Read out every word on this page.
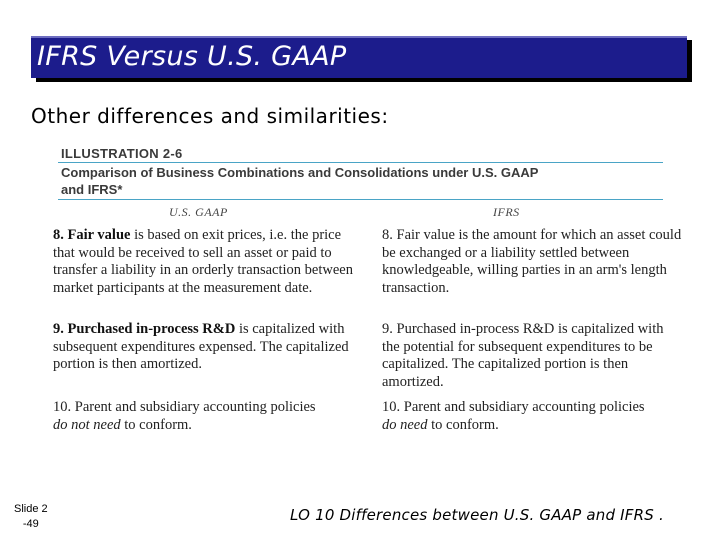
IFRS Versus U.S. GAAP
Other differences and similarities:
ILLUSTRATION 2-6
Comparison of Business Combinations and Consolidations under U.S. GAAP
and IFRS*
U.S. GAAP	IFRS
8. Fair value is based on exit prices, i.e. the price that would be received to sell an asset or paid to transfer a liability in an orderly transaction between market participants at the measurement date.
8. Fair value is the amount for which an asset could be exchanged or a liability settled between knowledgeable, willing parties in an arm's length transaction.
9. Purchased in-process R&D is capitalized with subsequent expenditures expensed. The capitalized portion is then amortized.
9. Purchased in-process R&D is capitalized with the potential for subsequent expenditures to be capitalized. The capitalized portion is then amortized.
10. Parent and subsidiary accounting policies
do not need to conform.
10. Parent and subsidiary accounting policies
do need to conform.
Slide 2
-49	LO 10 Differences between U.S. GAAP and IFRS .
